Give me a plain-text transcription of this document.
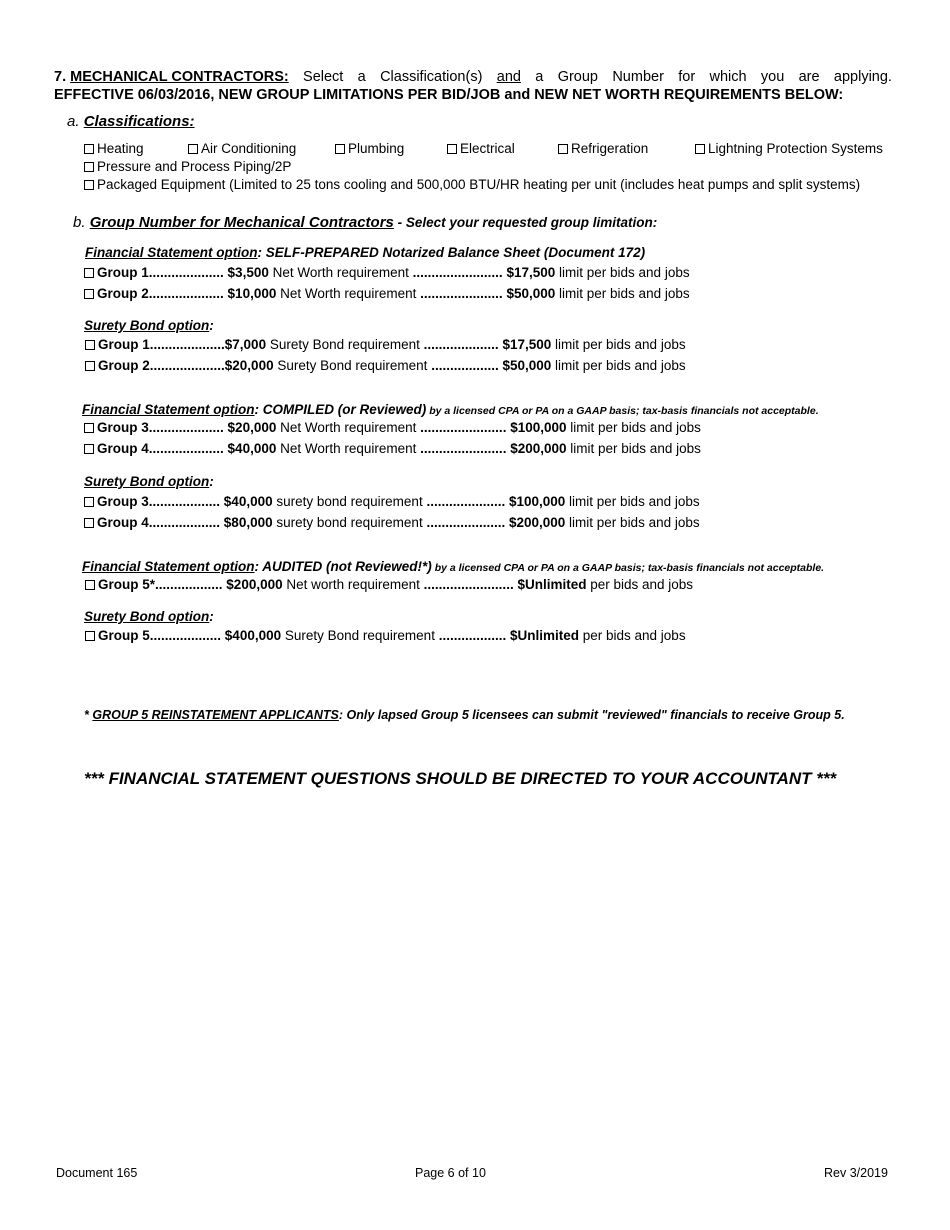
7. MECHANICAL CONTRACTORS: Select a Classification(s) and a Group Number for which you are applying.
EFFECTIVE 06/03/2016, NEW GROUP LIMITATIONS PER BID/JOB and NEW NET WORTH REQUIREMENTS BELOW:
a. Classifications:
Heating	Air Conditioning	Plumbing	Electrical	Refrigeration	Lightning Protection Systems
Pressure and Process Piping/2P
Packaged Equipment (Limited to 25 tons cooling and 500,000 BTU/HR heating per unit (includes heat pumps and split systems)
b. Group Number for Mechanical Contractors - Select your requested group limitation:
Financial Statement option: SELF-PREPARED Notarized Balance Sheet (Document 172)
Group 1.................... $3,500 Net Worth requirement ........................ $17,500 limit per bids and jobs
Group 2.................... $10,000 Net Worth requirement ...................... $50,000 limit per bids and jobs
Surety Bond option:
Group 1....................$7,000 Surety Bond requirement .................... $17,500 limit per bids and jobs
Group 2....................$20,000 Surety Bond requirement .................. $50,000 limit per bids and jobs
Financial Statement option: COMPILED (or Reviewed) by a licensed CPA or PA on a GAAP basis; tax-basis financials not acceptable.
Group 3.................... $20,000 Net Worth requirement ....................... $100,000 limit per bids and jobs
Group 4.................... $40,000 Net Worth requirement ....................... $200,000 limit per bids and jobs
Surety Bond option:
Group 3................... $40,000 surety bond requirement ..................... $100,000 limit per bids and jobs
Group 4................... $80,000 surety bond requirement ..................... $200,000 limit per bids and jobs
Financial Statement option: AUDITED (not Reviewed!*) by a licensed CPA or PA on a GAAP basis; tax-basis financials not acceptable.
Group 5*.................. $200,000 Net worth requirement ........................ $Unlimited per bids and jobs
Surety Bond option:
Group 5................... $400,000 Surety Bond requirement .................. $Unlimited per bids and jobs
* GROUP 5 REINSTATEMENT APPLICANTS: Only lapsed Group 5 licensees can submit "reviewed" financials to receive Group 5.
*** FINANCIAL STATEMENT QUESTIONS SHOULD BE DIRECTED TO YOUR ACCOUNTANT ***
Document 165	Page 6 of 10	Rev 3/2019
